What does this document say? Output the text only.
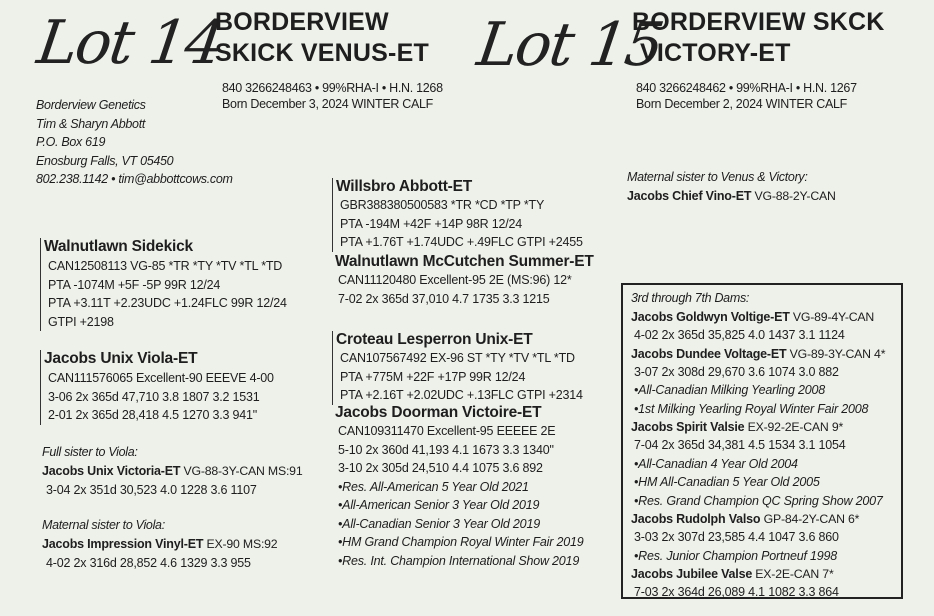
Lot 14
BORDERVIEW
SKICK VENUS-ET
840 3266248463 • 99%RHA-I • H.N. 1268
Born December 3, 2024 WINTER CALF
Lot 15
BORDERVIEW SKCK
VICTORY-ET
840 3266248462 • 99%RHA-I • H.N. 1267
Born December 2, 2024 WINTER CALF
Borderview Genetics
Tim & Sharyn Abbott
P.O. Box 619
Enosburg Falls, VT 05450
802.238.1142 • tim@abbottcows.com
Walnutlawn Sidekick
CAN12508113 VG-85 *TR *TY *TV *TL *TD
PTA -1074M +5F -5P 99R 12/24
PTA +3.11T +2.23UDC +1.24FLC 99R 12/24
GTPI +2198
Jacobs Unix Viola-ET
CAN111576065 Excellent-90 EEEVE 4-00
3-06 2x 365d 47,710 3.8 1807 3.2 1531
2-01 2x 365d 28,418 4.5 1270 3.3 941"
Full sister to Viola:
Jacobs Unix Victoria-ET VG-88-3Y-CAN MS:91
3-04 2x 351d 30,523 4.0 1228 3.6 1107
Maternal sister to Viola:
Jacobs Impression Vinyl-ET EX-90 MS:92
4-02 2x 316d 28,852 4.6 1329 3.3 955
Willsbro Abbott-ET
GBR388380500583 *TR *CD *TP *TY
PTA -194M +42F +14P 98R 12/24
PTA +1.76T +1.74UDC +.49FLC GTPI +2455
Walnutlawn McCutchen Summer-ET
CAN11120480 Excellent-95 2E (MS:96) 12*
7-02 2x 365d 37,010 4.7 1735 3.3 1215
Croteau Lesperron Unix-ET
CAN107567492 EX-96 ST *TY *TV *TL *TD
PTA +775M +22F +17P 99R 12/24
PTA +2.16T +2.02UDC +.13FLC GTPI +2314
Jacobs Doorman Victoire-ET
CAN109311470 Excellent-95 EEEEE 2E
5-10 2x 360d 41,193 4.1 1673 3.3 1340"
3-10 2x 305d 24,510 4.4 1075 3.6 892
•Res. All-American 5 Year Old 2021
•All-American Senior 3 Year Old 2019
•All-Canadian Senior 3 Year Old 2019
•HM Grand Champion Royal Winter Fair 2019
•Res. Int. Champion International Show 2019
Maternal sister to Venus & Victory:
Jacobs Chief Vino-ET VG-88-2Y-CAN
3rd through 7th Dams:
Jacobs Goldwyn Voltige-ET VG-89-4Y-CAN
4-02 2x 365d 35,825 4.0 1437 3.1 1124
Jacobs Dundee Voltage-ET VG-89-3Y-CAN 4*
3-07 2x 308d 29,670 3.6 1074 3.0 882
•All-Canadian Milking Yearling 2008
•1st Milking Yearling Royal Winter Fair 2008
Jacobs Spirit Valsie EX-92-2E-CAN 9*
7-04 2x 365d 34,381 4.5 1534 3.1 1054
•All-Canadian 4 Year Old 2004
•HM All-Canadian 5 Year Old 2005
•Res. Grand Champion QC Spring Show 2007
Jacobs Rudolph Valso GP-84-2Y-CAN 6*
3-03 2x 307d 23,585 4.4 1047 3.6 860
•Res. Junior Champion Portneuf 1998
Jacobs Jubilee Valse EX-2E-CAN 7*
7-03 2x 364d 26,089 4.1 1082 3.3 864
